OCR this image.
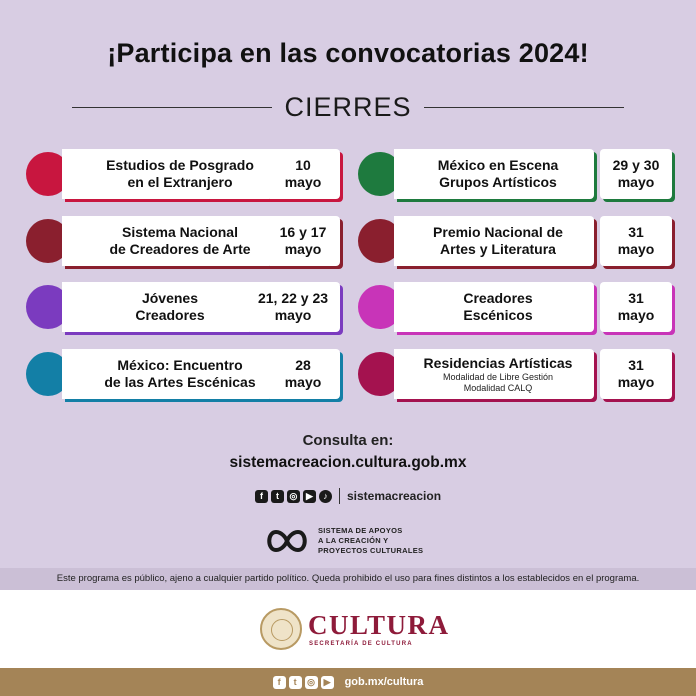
¡Participa en las convocatorias 2024!
CIERRES
Estudios de Posgrado
en el Extranjero
10
mayo
México en Escena
Grupos Artísticos
29 y 30
mayo
Sistema Nacional
de Creadores de Arte
16 y 17
mayo
Premio Nacional de
Artes y Literatura
31
mayo
Jóvenes
Creadores
21, 22 y 23
mayo
Creadores
Escénicos
31
mayo
México: Encuentro
de las Artes Escénicas
28
mayo
Residencias Artísticas
Modalidad de Libre Gestión
Modalidad CALQ
31
mayo
Consulta en:
sistemacreacion.cultura.gob.mx
f	t	◎ ▶	♪	sistemacreacion
SISTEMA DE APOYOS
A LA CREACIÓN Y
PROYECTOS CULTURALES
Este programa es público, ajeno a cualquier partido político. Queda prohibido el uso para fines distintos a los establecidos en el programa.
CULTURA
SECRETARÍA DE CULTURA
f	t	◎ ▶ gob.mx/cultura
